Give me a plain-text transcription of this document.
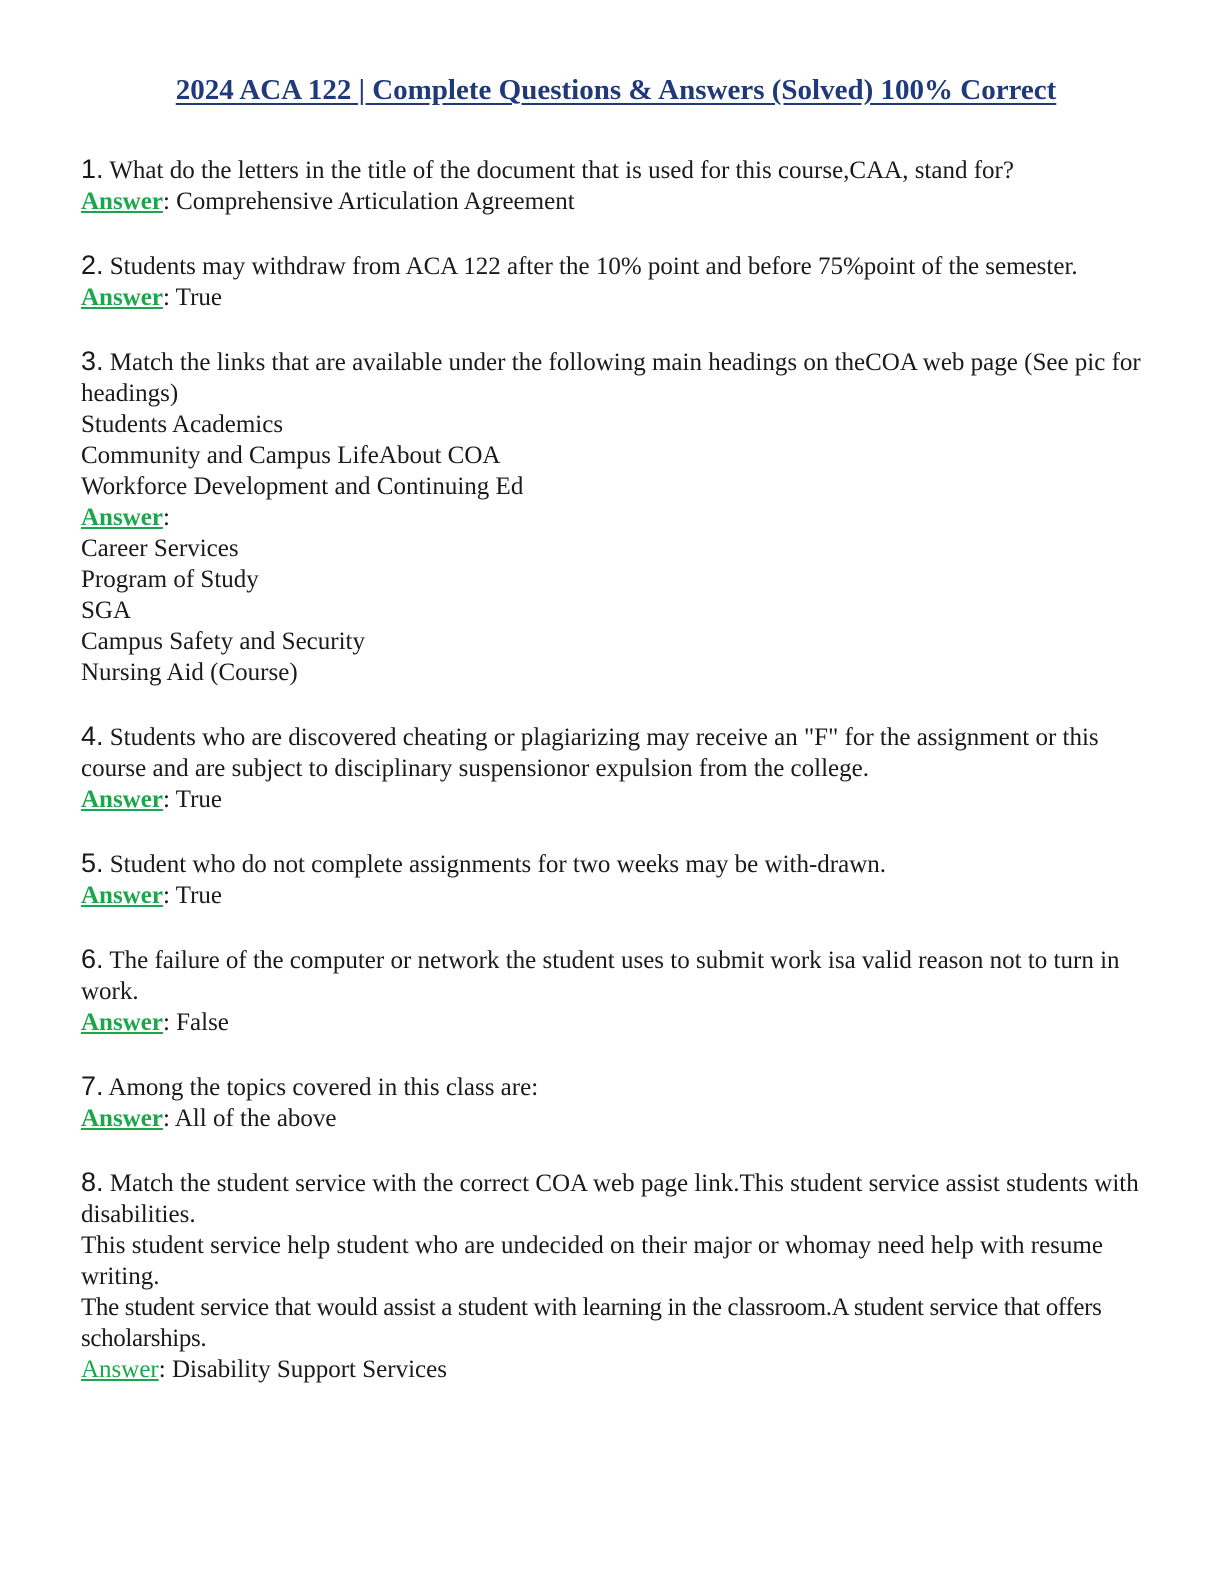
2024 ACA 122 | Complete Questions & Answers (Solved) 100% Correct
1. What do the letters in the title of the document that is used for this course,CAA, stand for?
Answer: Comprehensive Articulation Agreement
2. Students may withdraw from ACA 122 after the 10% point and before 75%point of the semester.
Answer: True
3. Match the links that are available under the following main headings on theCOA web page (See pic for headings)
Students Academics
Community and Campus LifeAbout COA
Workforce Development and Continuing Ed
Answer:
Career Services
Program of Study
SGA
Campus Safety and Security
Nursing Aid (Course)
4. Students who are discovered cheating or plagiarizing may receive an "F" for the assignment or this course and are subject to disciplinary suspensionor expulsion from the college.
Answer: True
5. Student who do not complete assignments for two weeks may be with-drawn.
Answer: True
6. The failure of the computer or network the student uses to submit work isa valid reason not to turn in work.
Answer: False
7. Among the topics covered in this class are:
Answer: All of the above
8. Match the student service with the correct COA web page link.This student service assist students with disabilities.
This student service help student who are undecided on their major or whomay need help with resume writing.
The student service that would assist a student with learning in the classroom.A student service that offers scholarships.
Answer: Disability Support Services
